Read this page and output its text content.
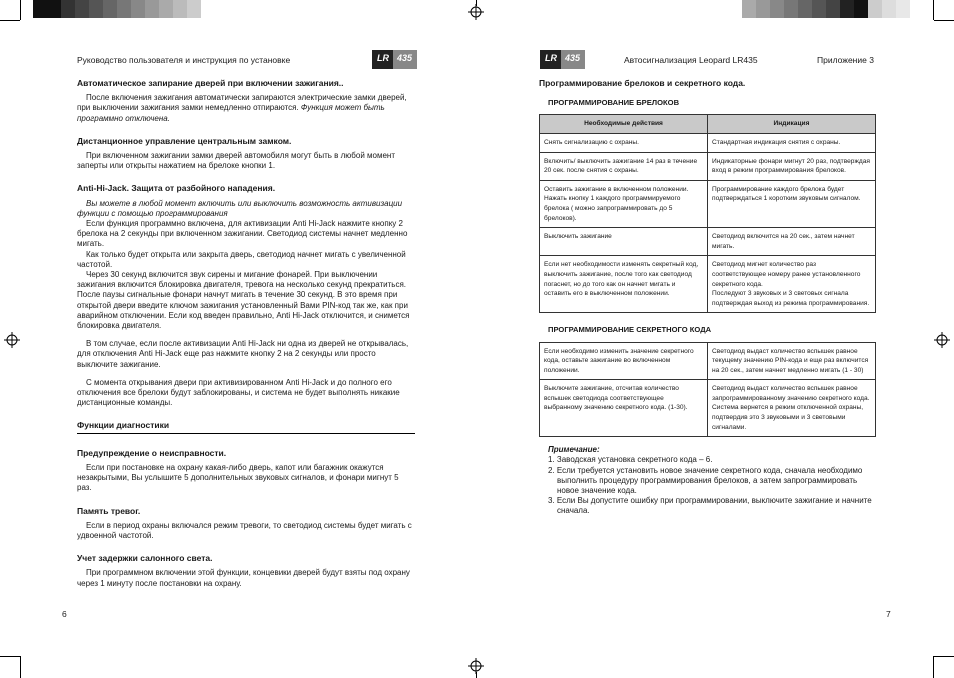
Руководство пользователя и инструкция по установке	LR 435	LR 435	Автосигнализация Leopard LR435	Приложение 3
Автоматическое запирание дверей при включении зажигания..

После включения зажигания автоматически запираются электрические замки дверей, при выключении зажигания замки немедленно отпираются. Функция может быть программно отключена.

Дистанционное управление центральным замком.

При включенном зажигании замки дверей автомобиля могут быть в любой момент заперты или открыты нажатием на брелоке кнопки 1.

Anti-Hi-Jack. Защита от разбойного нападения.

Вы можете в любой момент включить или выключить возможность активизации функции с помощью программирования

Если функция программно включена, для активизации Anti Hi-Jack нажмите кнопку 2 брелока на 2 секунды при включенном зажигании. Светодиод системы начнет медленно мигать.

Как только будет открыта или закрыта дверь, светодиод начнет мигать с увеличенной частотой.

Через 30 секунд включится звук сирены и мигание фонарей. При выключении зажигания включится блокировка двигателя, тревога на несколько секунд прекратиться. После паузы сигнальные фонари начнут мигать в течение 30 секунд. В это время при открытой двери введите ключом зажигания установленный Вами PIN-код так же, как при аварийном отключении. Если код введен правильно, Anti Hi-Jack отключится, и снимется блокировка двигателя.

В том случае, если после активизации Anti Hi-Jack ни одна из дверей не открывалась, для отключения Anti Hi-Jack еще раз нажмите кнопку 2 на 2 секунды или просто выключите зажигание.

С момента открывания двери при активизированном Anti Hi-Jack и до полного его отключения все брелоки будут заблокированы, и система не будет выполнять никакие дистанционные команды.

Функции диагностики
Предупреждение о неисправности.

Если при постановке на охрану какая-либо дверь, капот или багажник окажутся незакрытыми, Вы услышите 5 дополнительных звуковых сигналов, и фонари мигнут 5 раз.

Память тревог.

Если в период охраны включался режим тревоги, то светодиод системы будет мигать с удвоенной частотой.

Учет задержки салонного света.

При программном включении этой функции, концевики дверей будут взяты под охрану через 1 минуту после постановки на охрану.

6
Программирование брелоков и секретного кода.
ПРОГРАММИРОВАНИЕ БРЕЛОКОВ
Необходимые действия	Индикация
Снять сигнализацию с охраны.	Стандартная индикация снятия с охраны.
Включить/ выключить зажигание 14 раз в течение 20 сек. после снятия с охраны.	Индикаторные фонари мигнут 20 раз, подтверждая вход в режим программирования брелоков.
Оставить зажигание в включенном положении. Нажать кнопку 1 каждого программируемого брелока ( можно запрограммировать до 5 брелоков).	Программирование каждого брелока будет подтверждаться 1 коротким звуковым сигналом.
Выключить зажигание	Светодиод включится на 20 сек., затем начнет мигать.
Если нет необходимости изменять секретный код, выключить зажигание, после того как светодиод погаснет, но до того как он начнет мигать и оставить его в выключенном положении.	Светодиод мигнет количество раз соответствующее номеру ранее установленного секретного кода.
Последуют 3 звуковых и 3 световых сигнала подтверждая выход из режима программирования.
ПРОГРАММИРОВАНИЕ СЕКРЕТНОГО КОДА
Если необходимо изменить значение секретного кода, оставьте зажигание во включенном положении.	Светодиод выдаст количество вспышек равное текущему значению PIN-кода и еще раз включится на 20 сек., затем начнет медленно мигать (1 - 30)
Выключите зажигание, отсчитав количество вспышек светодиода соответствующее выбранному значению секретного кода. (1-30).	Светодиод выдаст количество вспышек равное запрограммированному значению секретного кода.
Система вернется в режим отключенной охраны, подтвердив это 3 звуковыми и 3 световыми сигналами.
Примечание:
1. Заводская установка секретного кода – 6.
2. Если требуется установить новое значение секретного кода, сначала необходимо выполнить процедуру программирования брелоков, а затем запрограммировать новое значение кода.
3. Если Вы допустите ошибку при программировании, выключите зажигание и начните сначала.
7
